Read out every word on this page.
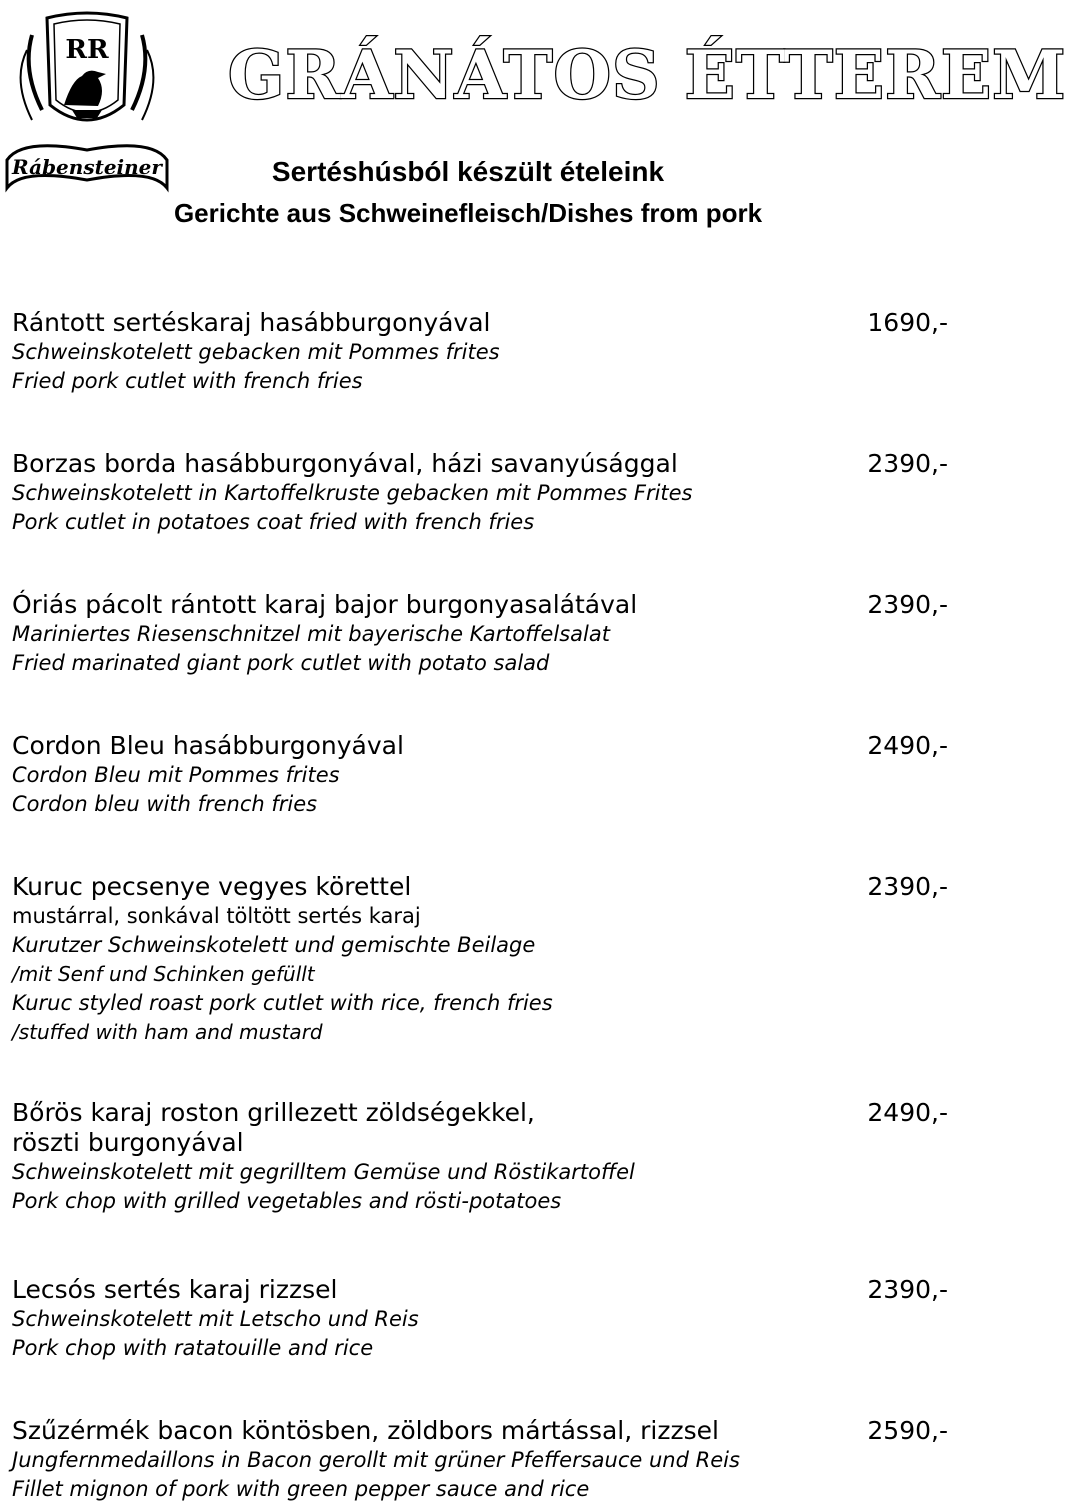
RR
Rábensteiner
GRÁNÁTOS ÉTTEREM
Sertéshúsból készült ételeink
Gerichte aus Schweinefleisch/Dishes from pork
Rántott sertéskaraj hasábburgonyával	1690,-
Schweinskotelett gebacken mit Pommes frites
Fried pork cutlet with french fries
Borzas borda hasábburgonyával, házi savanyúsággal	2390,-
Schweinskotelett in Kartoffelkruste gebacken mit Pommes Frites
Pork cutlet in potatoes coat fried with french fries
Óriás pácolt rántott karaj bajor burgonyasalátával	2390,-
Mariniertes Riesenschnitzel mit bayerische Kartoffelsalat
Fried marinated giant pork cutlet with potato salad
Cordon Bleu hasábburgonyával	2490,-
Cordon Bleu mit Pommes frites
Cordon bleu with french fries
Kuruc pecsenye vegyes körettel	2390,-
mustárral, sonkával töltött sertés karaj
Kurutzer Schweinskotelett und gemischte Beilage
/mit Senf und Schinken gefüllt
Kuruc styled roast pork cutlet with rice, french fries
/stuffed with ham and mustard
Bőrös karaj roston grillezett zöldségekkel,	2490,-
röszti burgonyával
Schweinskotelett mit gegrilltem Gemüse und Röstikartoffel
Pork chop with grilled vegetables and rösti-potatoes
Lecsós sertés karaj rizzsel	2390,-
Schweinskotelett mit Letscho und Reis
Pork chop with ratatouille and rice
Szűzérmék bacon köntösben, zöldbors mártással, rizzsel	2590,-
Jungfernmedaillons in Bacon gerollt mit grüner Pfeffersauce und Reis
Fillet mignon of pork with green pepper sauce and rice
